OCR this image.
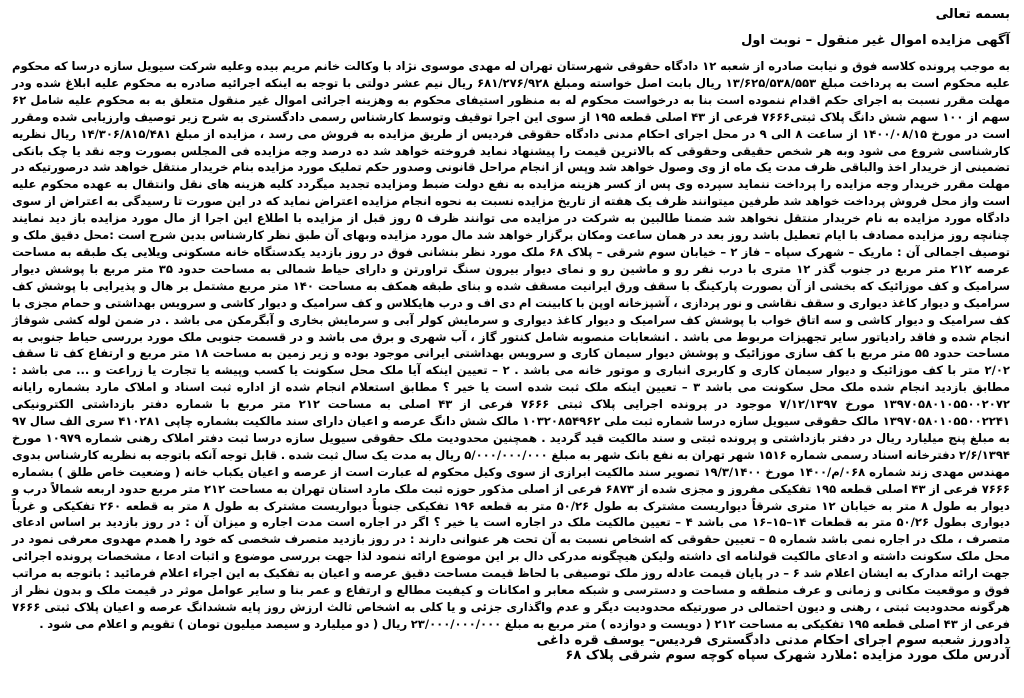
بسمه تعالی
آگهی مزایده اموال غیر منقول – نوبت اول
به موجب پرونده کلاسه فوق و نیابت صادره از شعبه ۱۲ دادگاه حقوقی شهرستان تهران له مهدی موسوی نژاد با وکالت خانم مریم بیده وعلیه شرکت سیویل سازه درسا که محکوم علیه محکوم است به پرداخت مبلغ ۱۳/۶۲۵/۵۳۸/۵۵۳ ریال بابت اصل خواسته ومبلغ ۶۸۱/۲۷۶/۹۲۸ ریال نیم عشر دولتی با توجه به اینکه اجرائیه صادره به محکوم علیه ابلاغ شده ودر مهلت مقرر نسبت به اجرای حکم اقدام ننموده است بنا به درخواست محکوم له به منظور استیفای محکوم به وهزینه اجرائی اموال غیر منقول متعلق به به محکوم علیه شامل ۶۲ سهم از ۱۰۰ سهم شش دانگ پلاک ثبتی۷۶۶۶ فرعی از ۴۳ اصلی قطعه ۱۹۵ از سوی این اجرا توقیف وتوسط کارشناس رسمی دادگستری به شرح زیر توصیف وارزیابی شده ومقرر است در مورخ ۱۴۰۰/۰۸/۱۵ از ساعت ۸ الی ۹ در محل اجرای احکام مدنی دادگاه حقوقی فردیس از طریق مزایده به فروش می رسد ، مزایده از مبلغ ۱۴/۳۰۶/۸۱۵/۴۸۱ ریال نظریه کارشناسی شروع می شود وبه هر شخص حقیقی وحقوقی که بالاترین قیمت را پیشنهاد نماید فروخته خواهد شد ده درصد وجه مزایده فی المجلس بصورت وجه نقد یا چک بانکی تضمینی از خریدار اخذ والباقی ظرف مدت یک ماه از وی وصول خواهد شد وپس از انجام مراحل قانونی وصدور حکم تملیک مورد مزایده بنام خریدار منتقل خواهد شد درصورتیکه در مهلت مقرر خریدار وجه مزایده را پرداخت ننماید سپرده وی پس از کسر هزینه مزایده به نفع دولت ضبط ومزایده تجدید میگردد کلیه هزینه های نقل وانتقال به عهده محکوم علیه است واز محل فروش پرداخت خواهد شد طرفین میتوانند ظرف یک هفته از تاریخ مزایده نسبت به نحوه انجام مزایده اعتراض نماید که در این صورت تا رسیدگی به اعتراض از سوی دادگاه مورد مزایده به نام خریدار منتقل نخواهد شد ضمنا طالبین به شرکت در مزایده می توانند ظرف ۵ روز قبل از مزایده با اطلاع این اجرا از مال مورد مزایده باز دید نمایند چنانچه روز مزایده مصادف با ایام تعطیل باشد روز بعد در همان ساعت ومکان برگزار خواهد شد مال مورد مزایده وبهای آن طبق نظر کارشناس بدین شرح است :محل دقیق ملک و توصیف اجمالی آن : ماریک – شهرک سپاه – فاز ۲ – خیابان سوم شرقی – پلاک ۶۸ ملک مورد نظر بنشانی فوق در روز بازدید یکدستگاه خانه مسکونی ویلایی یک طبقه به مساحت عرصه ۲۱۲ متر مربع در جنوب گذر ۱۲ متری با درب نفر رو و ماشین رو و نمای دیوار بیرون سنگ تراورتن و دارای حیاط شمالی به مساحت حدود ۳۵ متر مربع با پوشش دیوار سرامیک و کف موزائیک که بخشی از آن بصورت پارکینگ با سقف ورق ایرانیت مسقف شده و بنای طبقه همکف به مساحت ۱۴۰ متر مربع مشتمل بر هال و پذیرایی با پوشش کف سرامیک و دیوار کاغذ دیواری و سقف نقاشی و نور پردازی ، آشپزخانه اوپن با کابینت ام دی اف و درب هایکلاس و کف سرامیک و دیوار کاشی و سرویس بهداشتی و حمام مجزی با کف سرامیک و دیوار کاشی و سه اتاق خواب با پوشش کف سرامیک و دیوار کاغذ دیواری و سرمایش کولر آبی و سرمایش بخاری و آبگرمکن می باشد . در ضمن لوله کشی شوفاژ انجام شده و فاقد رادیاتور سایر تجهیزات مربوط می باشد . انشعابات منصوبه شامل کنتور گاز ، آب شهری و برق می باشد و در قسمت جنوبی ملک مورد بررسی حیاط جنوبی به مساحت حدود ۵۵ متر مربع با کف سازی موزائیک و پوشش دیوار سیمان کاری و سرویس بهداشتی ایرانی موجود بوده و زیر زمین به مساحت ۱۸ متر مربع و ارتفاع کف تا سقف ۲/۰۲ متر با کف موزائیک و دیوار سیمان کاری و کاربری انباری و موتور خانه می باشد . ۲ – تعیین اینکه آیا ملک محل سکونت یا کسب وپیشه یا تجارت یا زراعت و ... می باشد : مطابق بازدید انجام شده ملک محل سکونت می باشد ۳ – تعیین اینکه ملک ثبت شده است یا خیر ؟ مطابق استعلام انجام شده از اداره ثبت اسناد و املاک مارد بشماره رایانه ۱۳۹۷۰۵۸۰۱۰۵۵۰۰۲۰۷۲ مورخ ۷/۱۲/۱۳۹۷ موجود در پرونده اجرایی پلاک ثبتی ۷۶۶۶ فرعی از ۴۳ اصلی به مساحت ۲۱۲ متر مربع با شماره دفتر بازداشتی الکترونیکی ۱۳۹۷۰۵۸۰۱۰۵۵۰۰۲۲۴۱ مالک حقوقی سیویل سازه درسا شماره ثبت ملی ۱۰۳۲۰۸۵۴۹۶۲ مالک شش دانگ عرصه و اعیان دارای سند مالکیت بشماره چاپی ۴۱۰۲۸۱ سری الف سال ۹۷ به مبلغ پنج میلیارد ریال در دفتر بازداشتی و پرونده ثبتی و سند مالکیت قید گردید . همچنین محدودیت ملک حقوقی سیویل سازه درسا ثبت دفتر املاک رهنی شماره ۱۰۹۷۹ مورخ ۲/۶/۱۳۹۴ دفترخانه اسناد رسمی شماره ۱۵۱۶ شهر تهران به نفع بانک شهر به مبلغ ۵/۰۰۰/۰۰۰/۰۰۰ ریال به مدت یک سال ثبت شده . قابل توجه آنکه باتوجه به نظریه کارشناس بدوی مهندس مهدی زند شماره ۰۶۸/م/۱۴۰۰ مورخ ۱۹/۳/۱۴۰۰ تصویر سند مالکیت ابرازی از سوی وکیل محکوم له عبارت است از عرصه و اعیان یکباب خانه ( وضعیت خاص طلق ) بشماره ۷۶۶۶ فرعی از ۴۳ اصلی قطعه ۱۹۵ تفکیکی مفروز و مجزی شده از ۶۸۷۳ فرعی از اصلی مذکور حوزه ثبت ملک مارد استان تهران به مساحت ۲۱۲ متر مربع حدود اربعه شمالاً درب و دیوار به طول ۸ متر به خیابان ۱۲ متری شرقاً دیواریست مشترک به طول ۵۰/۲۶ متر به قطعه ۱۹۶ تفکیکی جنوباً دیواریست مشترک به طول ۸ متر به قطعه ۲۶۰ تفکیکی و غرباً دیواری بطول ۵۰/۲۶ متر به قطعات ۱۴–۱۵–۱۶ می باشد ۴ – تعیین مالکیت ملک در اجاره است یا خیر ؟ اگر در اجاره است مدت اجاره و میزان آن : در روز بازدید بر اساس ادعای متصرف ، ملک در اجاره نمی باشد شماره ۵ – تعیین حقوقی که اشخاص نسبت به آن تحت هر عنوانی دارند : در روز بازدید متصرف شخصی که خود را همدم مهدوی معرفی نمود در محل ملک سکونت داشته و ادعای مالکیت قولنامه ای داشته ولیکن هیچگونه مدرکی دال بر این موضوع ارائه ننمود لذا جهت بررسی موضوع و اثبات ادعا ، مشخصات پرونده اجرائی جهت ارائه مدارک به ایشان اعلام شد ۶ – در پایان قیمت عادله روز ملک توصیفی با لحاظ قیمت مساحت دقیق عرصه و اعیان به تفکیک به این اجراء اعلام فرمائید : باتوجه به مراتب فوق و موقعیت مکانی و زمانی و عرف منطقه و مساحت و دسترسی و شبکه معابر و امکانات و کیفیت مطالع و ارتفاع و عمر بنا و سایر عوامل موثر در قیمت ملک و بدون نظر از هرگونه محدودیت ثبتی ، رهنی و دیون احتمالی در صورتیکه محدودیت دیگر و عدم واگذاری جزئی و یا کلی به اشخاص ثالث ارزش روز پایه ششدانگ عرصه و اعیان پلاک ثبتی ۷۶۶۶ فرعی از ۴۳ اصلی قطعه ۱۹۵ تفکیکی به مساحت ۲۱۲ ( دویست و دوازده ) متر مربع به مبلغ ۲۳/۰۰۰/۰۰۰/۰۰۰ ریال ( دو میلیارد و سیصد میلیون تومان ) تقویم و اعلام می شود .
آدرس ملک مورد مزایده :ملارد شهرک سپاه کوچه سوم شرقی پلاک ۶۸
دادورز شعبه سوم اجرای احکام مدنی دادگستری فردیس– یوسف قره داغی
